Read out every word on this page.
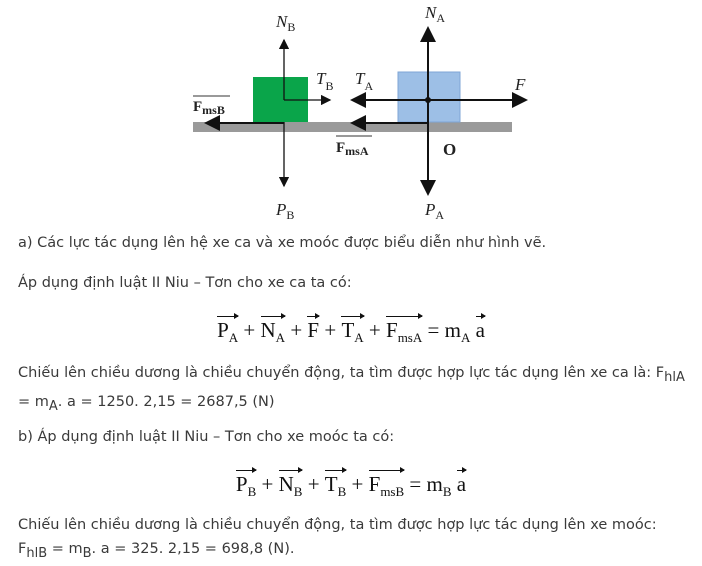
$N_B$
$N_A$
$T_B$ $T_A$	F
$P_B$	$P_A$
$F_{msB}$
$F_{msA}$	O
a) Các lực tác dụng lên hệ xe ca và xe moóc được biểu diễn như hình vẽ.
Áp dụng định luật II Niu – Tơn cho xe ca ta có:
$P_A + N_A + F + T_A + F_{msA} = m_A$ a
Chiếu lên chiều dương là chiều chuyển động, ta tìm được hợp lực tác dụng lên xe ca là: $F_{hlA}$
= $m_A$. a = 1250. 2,15 = 2687,5 (N)
b) Áp dụng định luật II Niu – Tơn cho xe moóc ta có:
$P_B + N_B + T_B + F_{msB} = m_B$ a
Chiếu lên chiều dương là chiều chuyển động, ta tìm được hợp lực tác dụng lên xe moóc:
$F_{hlB} = m_B$. a = 325. 2,15 = 698,8 (N).
